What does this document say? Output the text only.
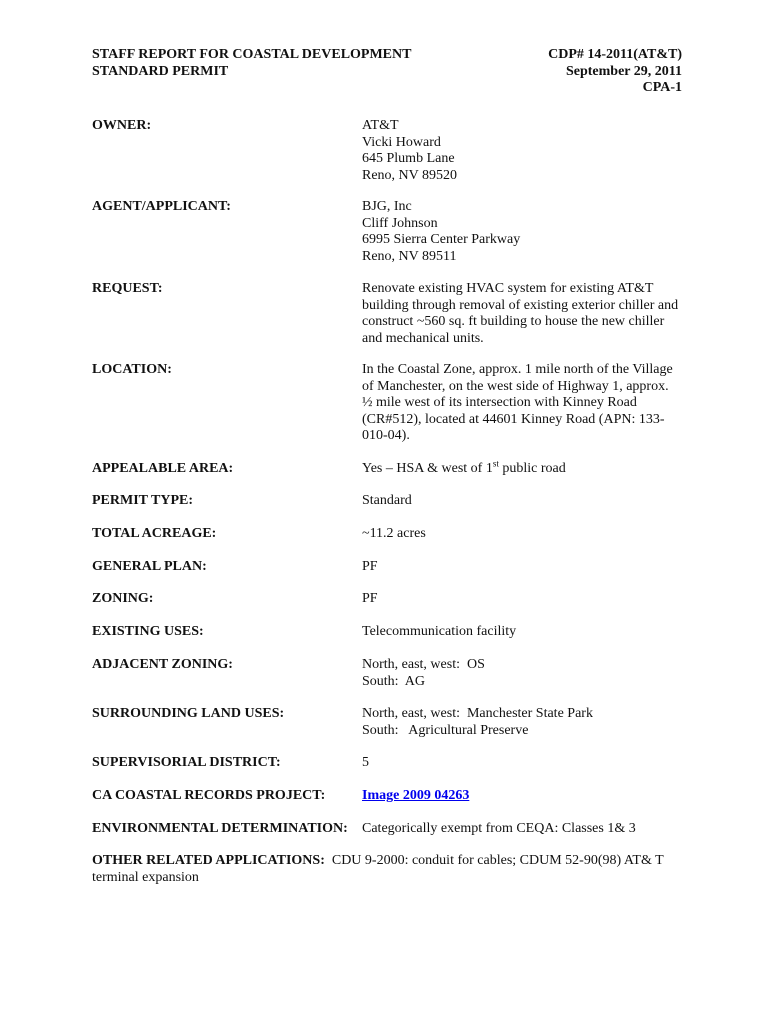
STAFF REPORT FOR COASTAL DEVELOPMENT
STANDARD PERMIT
CDP# 14-2011(AT&T)
September 29, 2011
CPA-1
OWNER:	AT&T
Vicki Howard
645 Plumb Lane
Reno, NV 89520
AGENT/APPLICANT:	BJG, Inc
Cliff Johnson
6995 Sierra Center Parkway
Reno, NV 89511
REQUEST:	Renovate existing HVAC system for existing AT&T
building through removal of existing exterior chiller and
construct ~560 sq. ft building to house the new chiller
and mechanical units.
LOCATION:	In the Coastal Zone, approx. 1 mile north of the Village
of Manchester, on the west side of Highway 1, approx.
½ mile west of its intersection with Kinney Road
(CR#512), located at 44601 Kinney Road (APN: 133-
010-04).
APPEALABLE AREA:	Yes – HSA & west of 1st public road
PERMIT TYPE:	Standard
TOTAL ACREAGE:	~11.2 acres
GENERAL PLAN:	PF
ZONING:	PF
EXISTING USES:	Telecommunication facility
ADJACENT ZONING:	North, east, west:  OS
South:  AG
SURROUNDING LAND USES:	North, east, west:  Manchester State Park
South:   Agricultural Preserve
SUPERVISORIAL DISTRICT:	5
CA COASTAL RECORDS PROJECT:	Image 2009 04263
ENVIRONMENTAL DETERMINATION: Categorically exempt from CEQA: Classes 1& 3
OTHER RELATED APPLICATIONS:  CDU 9-2000: conduit for cables; CDUM 52-90(98) AT& T terminal expansion
